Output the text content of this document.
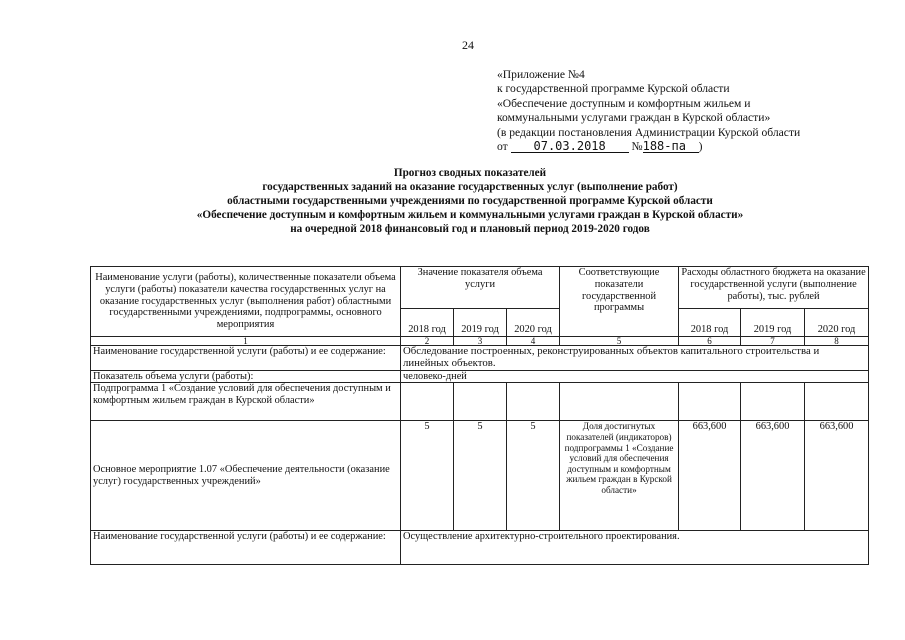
24
«Приложение №4
к государственной программе Курской области
«Обеспечение доступным и комфортным жильем и
коммунальными услугами граждан в Курской области»
(в редакции постановления Администрации Курской области
от 07.03.2018 №188-па )
Прогноз сводных показателей
государственных заданий на оказание государственных услуг (выполнение работ)
областными государственными учреждениями по государственной программе Курской области
«Обеспечение доступным и комфортным жильем и коммунальными услугами граждан в Курской области»
на очередной 2018 финансовый год и плановый период 2019-2020 годов
Наименование услуги (работы), количественные показатели объема услуги (работы) показатели качества государственных услуг на оказание государственных услуг (выполнения работ) областными государственными учреждениями, подпрограммы, основного мероприятия	Значение показателя объема услуги			Соответствующие показатели государственной программы	Расходы областного бюджета на оказание государственной услуги (выполнение работы), тыс. рублей		
	2018 год	2019 год	2020 год		2018 год	2019 год	2020 год
1	2	3	4	5	6	7	8
Наименование государственной услуги (работы) и ее содержание:	Обследование построенных, реконструированных объектов капитального строительства и линейных объектов.						
Показатель объема услуги (работы):	человеко-дней						
Подпрограмма 1 «Создание условий для обеспечения доступным и комфортным жильем граждан в Курской области»							
Основное мероприятие 1.07 «Обеспечение деятельности (оказание услуг) государственных учреждений»	5	5	5	Доля достигнутых показателей (индикаторов) подпрограммы 1 «Создание условий для обеспечения доступным и комфортным жильем граждан в Курской области»	663,600	663,600	663,600
Наименование государственной услуги (работы) и ее содержание:	Осуществление архитектурно-строительного проектирования.						
